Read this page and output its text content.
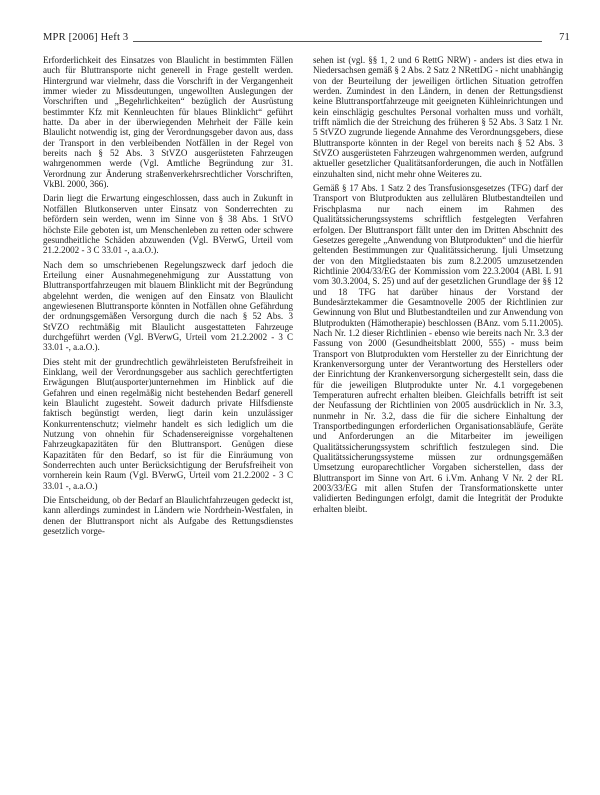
MPR [2006] Heft 3	71

Erforderlichkeit des Einsatzes von Blaulicht in bestimmten Fällen auch für Bluttransporte nicht generell in Frage gestellt werden. Hintergrund war vielmehr, dass die Vorschrift in der Vergangenheit immer wieder zu Missdeutungen, ungewollten Auslegungen der Vorschriften und „Begehrlichkeiten“ bezüglich der Ausrüstung bestimmter Kfz mit Kennleuchten für blaues Blinklicht“ geführt hatte. Da aber in der überwiegenden Mehrheit der Fälle kein Blaulicht notwendig ist, ging der Verordnungsgeber davon aus, dass der Transport in den verbleibenden Notfällen in der Regel von bereits nach § 52 Abs. 3 StVZO ausgerüsteten Fahrzeugen wahrgenommen werde (Vgl. Amtliche Begründung zur 31. Verordnung zur Änderung straßenverkehrsrechtlicher Vorschriften, VkBl. 2000, 366).

Darin liegt die Erwartung eingeschlossen, dass auch in Zukunft in Notfällen Blutkonserven unter Einsatz von Sonderrechten zu befördern sein werden, wenn im Sinne von § 38 Abs. 1 StVO höchste Eile geboten ist, um Menschenleben zu retten oder schwere gesundheitliche Schäden abzuwenden (Vgl. BVerwG, Urteil vom 21.2.2002 - 3 C 33.01 -, a.a.O.).

Nach dem so umschriebenen Regelungszweck darf jedoch die Erteilung einer Ausnahmegenehmigung zur Ausstattung von Bluttransportfahrzeugen mit blauem Blinklicht mit der Begründung abgelehnt werden, die wenigen auf den Einsatz von Blaulicht angewiesenen Bluttransporte könnten in Notfällen ohne Gefährdung der ordnungsgemäßen Versorgung durch die nach § 52 Abs. 3 StVZO rechtmäßig mit Blaulicht ausgestatteten Fahrzeuge durchgeführt werden (Vgl. BVerwG, Urteil vom 21.2.2002 - 3 C 33.01 -, a.a.O.).

Dies steht mit der grundrechtlich gewährleisteten Berufsfreiheit in Einklang, weil der Verordnungsgeber aus sachlich gerechtfertigten Erwägungen Blut(ausporter)unternehmen im Hinblick auf die Gefahren und einen regelmäßig nicht bestehenden Bedarf generell kein Blaulicht zugesteht. Soweit dadurch private Hilfsdienste faktisch begünstigt werden, liegt darin kein unzulässiger Konkurrentenschutz; vielmehr handelt es sich lediglich um die Nutzung von ohnehin für Schadensereignisse vorgehaltenen Fahrzeugkapazitäten für den Bluttransport. Genügen diese Kapazitäten für den Bedarf, so ist für die Einräumung von Sonderrechten auch unter Berücksichtigung der Berufsfreiheit von vornherein kein Raum (Vgl. BVerwG, Urteil vom 21.2.2002 - 3 C 33.01 -, a.a.O.)

Die Entscheidung, ob der Bedarf an Blaulichtfahrzeugen gedeckt ist, kann allerdings zumindest in Ländern wie Nordrhein-Westfalen, in denen der Bluttransport nicht als Aufgabe des Rettungsdienstes gesetzlich vorge-

sehen ist (vgl. §§ 1, 2 und 6 RettG NRW) - anders ist dies etwa in Niedersachsen gemäß § 2 Abs. 2 Satz 2 NRettDG - nicht unabhängig von der Beurteilung der jeweiligen örtlichen Situation getroffen werden. Zumindest in den Ländern, in denen der Rettungsdienst keine Bluttransportfahrzeuge mit geeigneten Kühleinrichtungen und kein einschlägig geschultes Personal vorhalten muss und vorhält, trifft nämlich die der Streichung des früheren § 52 Abs. 3 Satz 1 Nr. 5 StVZO zugrunde liegende Annahme des Verordnungsgebers, diese Bluttransporte könnten in der Regel von bereits nach § 52 Abs. 3 StVZO ausgerüsteten Fahrzeugen wahrgenommen werden, aufgrund aktueller gesetzlicher Qualitätsanforderungen, die auch in Notfällen einzuhalten sind, nicht mehr ohne Weiteres zu.

Gemäß § 17 Abs. 1 Satz 2 des Transfusionsgesetzes (TFG) darf der Transport von Blutprodukten aus zellulären Blutbestandteilen und Frischplasma nur nach einem im Rahmen des Qualitätssicherungssystems schriftlich festgelegten Verfahren erfolgen. Der Bluttransport fällt unter den im Dritten Abschnitt des Gesetzes geregelte „Anwendung von Blutprodukten“ und die hierfür geltenden Bestimmungen zur Qualitätssicherung. Ijuli Umsetzung der von den Mitgliedstaaten bis zum 8.2.2005 umzusetzenden Richtlinie 2004/33/EG der Kommission vom 22.3.2004 (ABl. L 91 vom 30.3.2004, S. 25) und auf der gesetzlichen Grundlage der §§ 12 und 18 TFG hat darüber hinaus der Vorstand der Bundesärztekammer die Gesamtnovelle 2005 der Richtlinien zur Gewinnung von Blut und Blutbestandteilen und zur Anwendung von Blutprodukten (Hämotherapie) beschlossen (BAnz. vom 5.11.2005). Nach Nr. 1.2 dieser Richtlinien - ebenso wie bereits nach Nr. 3.3 der Fassung von 2000 (Gesundheitsblatt 2000, 555) - muss beim Transport von Blutprodukten vom Hersteller zu der Einrichtung der Krankenversorgung unter der Verantwortung des Herstellers oder der Einrichtung der Krankenversorgung sichergestellt sein, dass die für die jeweiligen Blutprodukte unter Nr. 4.1 vorgegebenen Temperaturen aufrecht erhalten bleiben. Gleichfalls betrifft ist seit der Neufassung der Richtlinien von 2005 ausdrücklich in Nr. 3.3, nunmehr in Nr. 3.2, dass die für die sichere Einhaltung der Transportbedingungen erforderlichen Organisationsabläufe, Geräte und Anforderungen an die Mitarbeiter im jeweiligen Qualitätssicherungssystem schriftlich festzulegen sind. Die Qualitätssicherungssysteme müssen zur ordnungsgemäßen Umsetzung europarechtlicher Vorgaben sicherstellen, dass der Bluttransport im Sinne von Art. 6 i.Vm. Anhang V Nr. 2 der RL 2003/33/EG mit allen Stufen der Transformationskette unter validierten Bedingungen erfolgt, damit die Integrität der Produkte erhalten bleibt.
